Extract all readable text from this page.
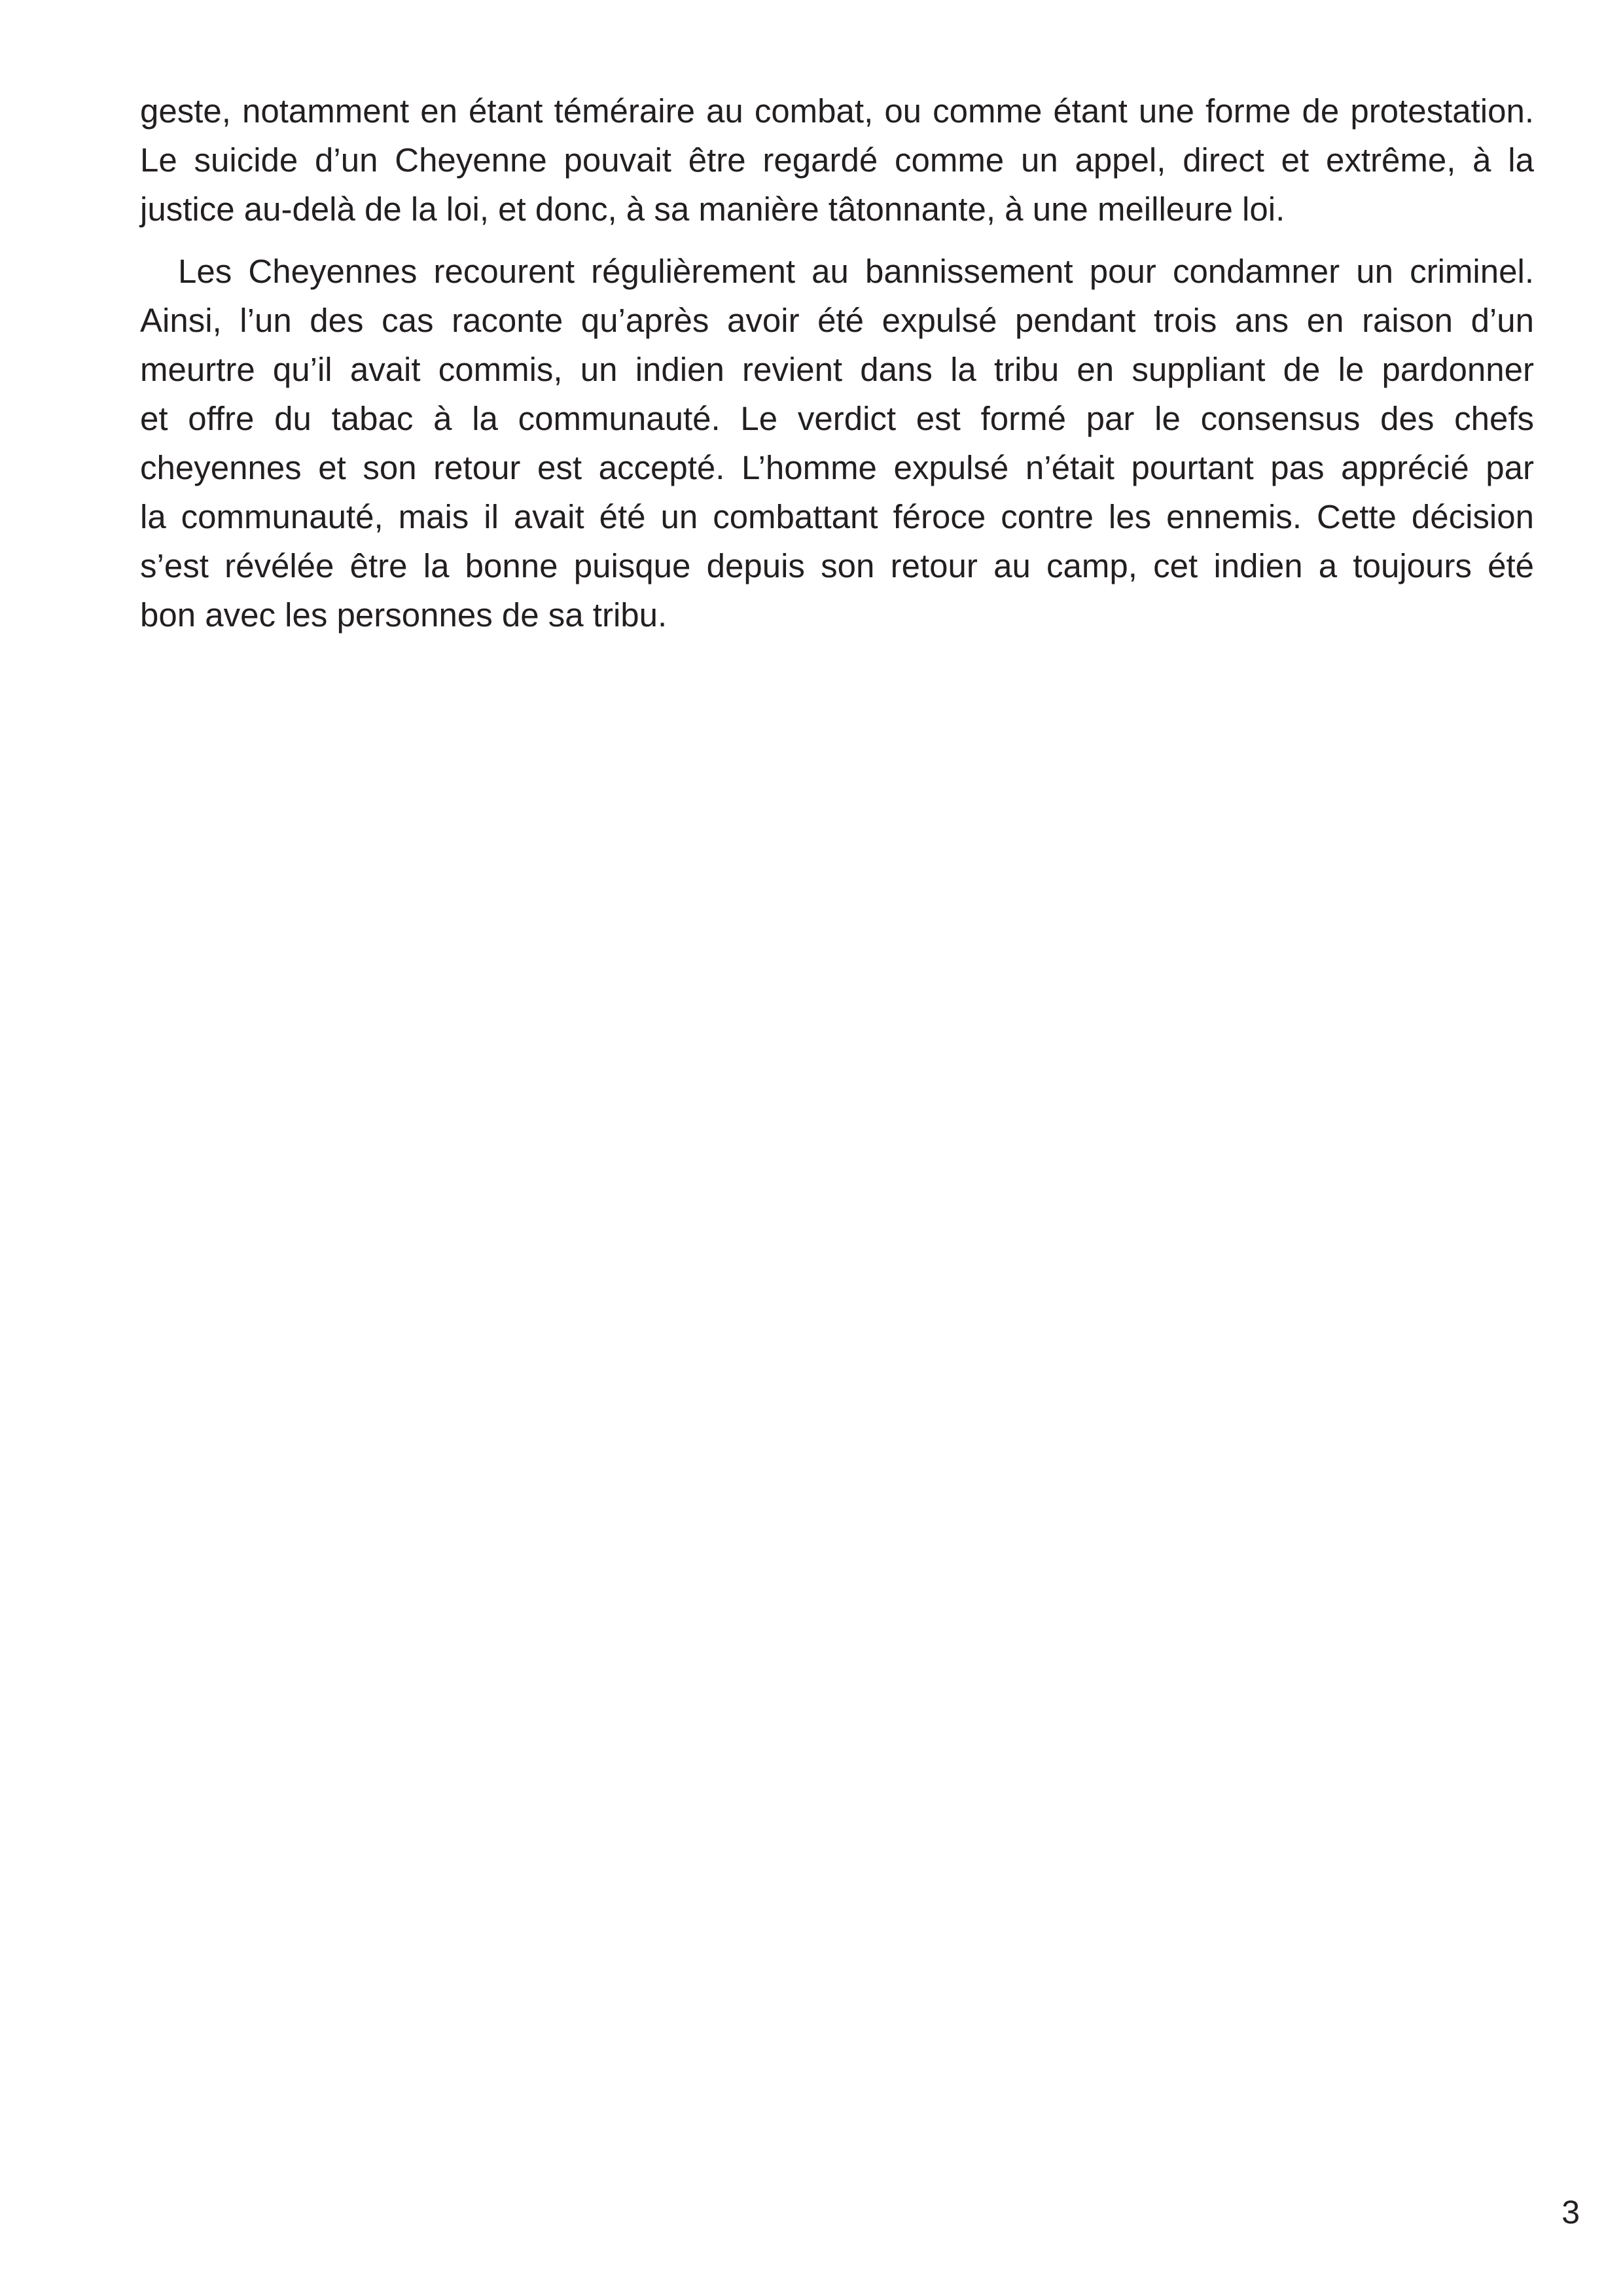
geste, notamment en étant téméraire au combat, ou comme étant une forme de protestation.
Le suicide d’un Cheyenne pouvait être regardé comme un appel, direct et extrême, à la
justice au-delà de la loi, et donc, à sa manière tâtonnante, à une meilleure loi.
Les Cheyennes recourent régulièrement au bannissement pour condamner un criminel.
Ainsi, l’un des cas raconte qu’après avoir été expulsé pendant trois ans en raison d’un
meurtre qu’il avait commis, un indien revient dans la tribu en suppliant de le pardonner
et offre du tabac à la communauté. Le verdict est formé par le consensus des chefs
cheyennes et son retour est accepté. L’homme expulsé n’était pourtant pas apprécié par
la communauté, mais il avait été un combattant féroce contre les ennemis. Cette décision
s’est révélée être la bonne puisque depuis son retour au camp, cet indien a toujours été
bon avec les personnes de sa tribu.
3
